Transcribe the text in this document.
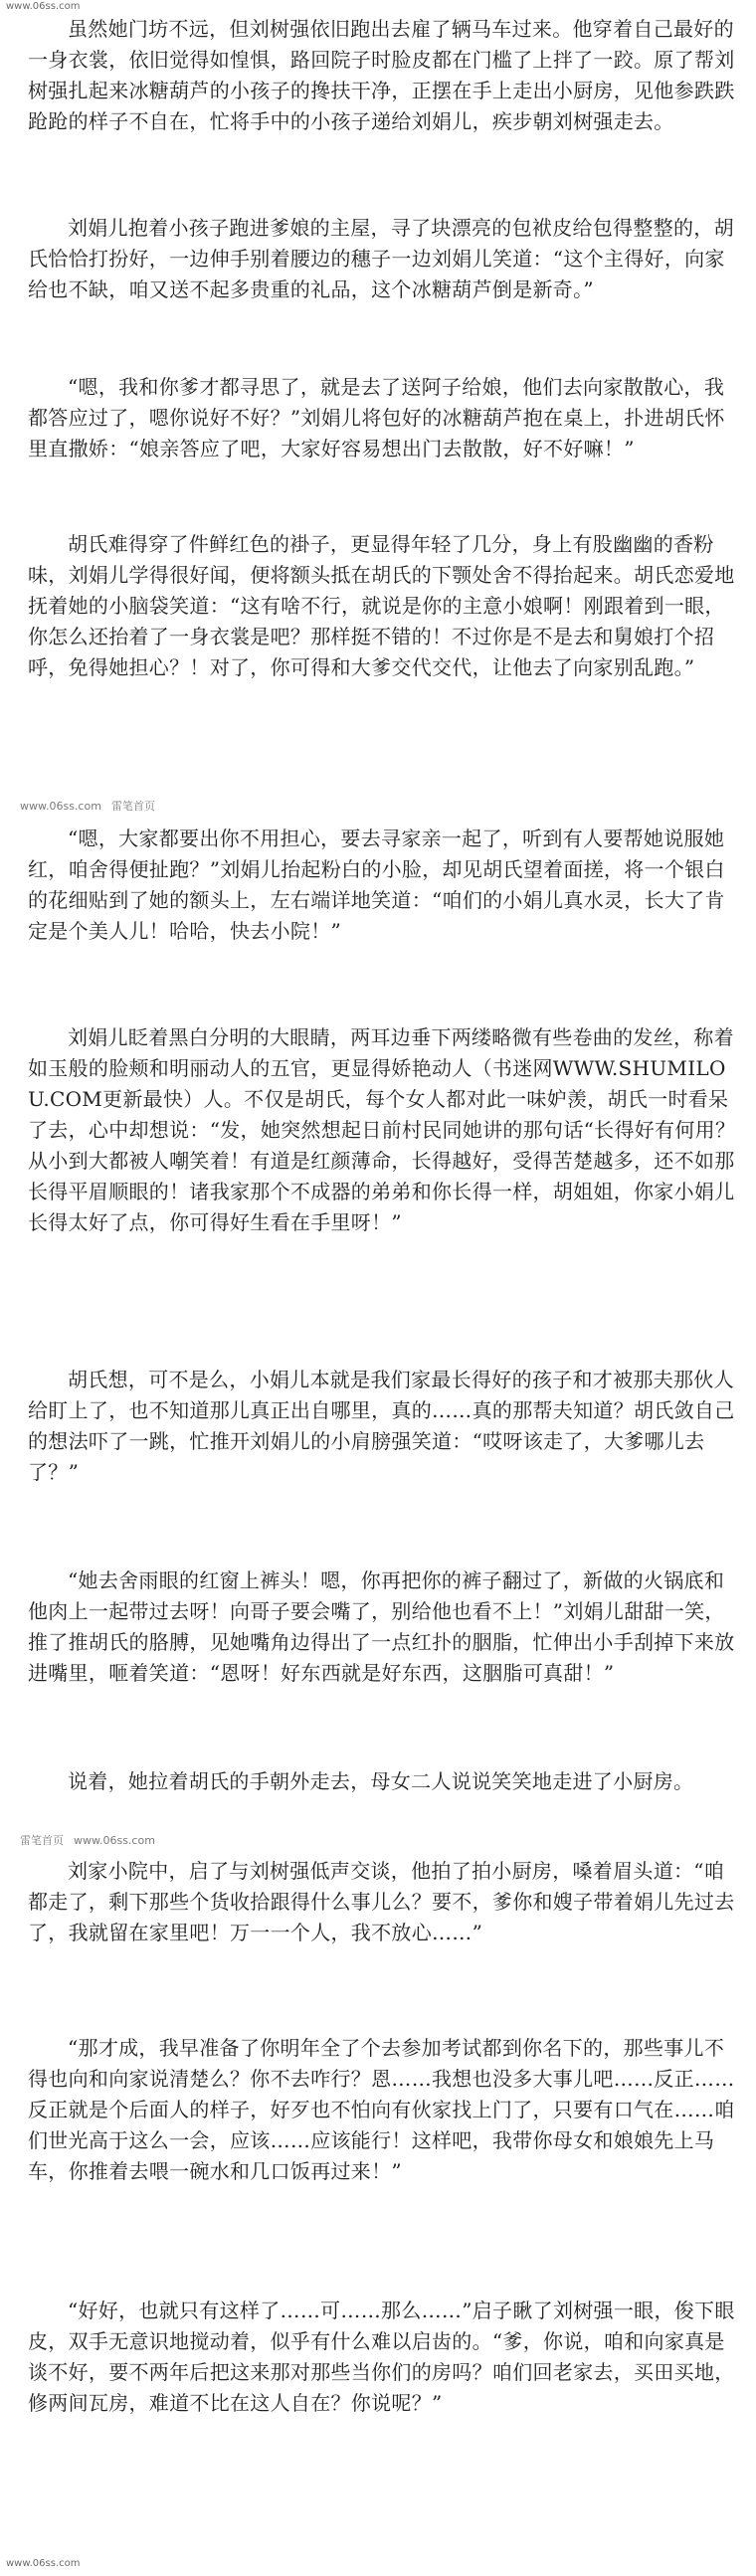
www.06ss.com
虽然她门坊不远，但刘树强依旧跑出去雇了辆马车过来。他穿着自己最好的一身衣裳，依旧觉得如惶惧，路回院子时脸皮都在门槛了上拌了一跤。原了帮刘树强扎起来冰糖葫芦的小孩子的搀扶干净，正摆在手上走出小厨房，见他参跌跌跄跄的样子不自在，忙将手中的小孩子递给刘娟儿，疾步朝刘树强走去。
刘娟儿抱着小孩子跑进爹娘的主屋，寻了块漂亮的包袱皮给包得整整的，胡氏恰恰打扮好，一边伸手别着腰边的穗子一边刘娟儿笑道：“这个主得好，向家给也不缺，咱又送不起多贵重的礼品，这个冰糖葫芦倒是新奇。”
“嗯，我和你爹才都寻思了，就是去了送阿子给娘，他们去向家散散心，我都答应过了，嗯你说好不好？”刘娟儿将包好的冰糖葫芦抱在桌上，扑进胡氏怀里直撒娇：“娘亲答应了吧，大家好容易想出门去散散，好不好嘛！”
胡氏难得穿了件鲜红色的褂子，更显得年轻了几分，身上有股幽幽的香粉味，刘娟儿学得很好闻，便将额头抵在胡氏的下颚处舍不得抬起来。胡氏恋爱地抚着她的小脑袋笑道：“这有啥不行，就说是你的主意小娘啊！刚跟着到一眼，你怎么还抬着了一身衣裳是吧？那样挺不错的！不过你是不是去和舅娘打个招呼，免得她担心？！对了，你可得和大爹交代交代，让他去了向家别乱跑。”
www.06ss.com 雷笔首页
“嗯，大家都要出你不用担心，要去寻家亲一起了，听到有人要帮她说服她红，咱舍得便扯跑？”刘娟儿抬起粉白的小脸，却见胡氏望着面搓，将一个银白的花细贴到了她的额头上，左右端详地笑道：“咱们的小娟儿真水灵，长大了肯定是个美人儿！哈哈，快去小院！”
刘娟儿眨着黑白分明的大眼睛，两耳边垂下两缕略微有些卷曲的发丝，称着如玉般的脸颊和明丽动人的五官，更显得娇艳动人（书迷网WWW.SHUMILOU.COM更新最快）人。不仅是胡氏，每个女人都对此一味妒羡，胡氏一时看呆了去，心中却想说：“发，她突然想起日前村民同她讲的那句话“长得好有何用？从小到大都被人嘲笑着！有道是红颜薄命，长得越好，受得苦楚越多，还不如那长得平眉顺眼的！诸我家那个不成器的弟弟和你长得一样，胡姐姐，你家小娟儿长得太好了点，你可得好生看在手里呀！”
胡氏想，可不是么，小娟儿本就是我们家最长得好的孩子和才被那夫那伙人给盯上了，也不知道那儿真正出自哪里，真的……真的那帮夫知道？胡氏敛自己的想法吓了一跳，忙推开刘娟儿的小肩膀强笑道：“哎呀该走了，大爹哪儿去了？”
“她去舍雨眼的红窗上裤头！嗯，你再把你的裤子翻过了，新做的火锅底和他肉上一起带过去呀！向哥子要会嘴了，别给他也看不上！”刘娟儿甜甜一笑，推了推胡氏的胳膊，见她嘴角边得出了一点红扑的胭脂，忙伸出小手刮掉下来放进嘴里，咂着笑道：“恩呀！好东西就是好东西，这胭脂可真甜！”
说着，她拉着胡氏的手朝外走去，母女二人说说笑笑地走进了小厨房。
雷笔首页 www.06ss.com
刘家小院中，启了与刘树强低声交谈，他拍了拍小厨房，嗓着眉头道：“咱都走了，剩下那些个货收拾跟得什么事儿么？要不，爹你和嫂子带着娟儿先过去了，我就留在家里吧！万一一个人，我不放心……”
“那才成，我早准备了你明年全了个去参加考试都到你名下的，那些事儿不得也向和向家说清楚么？你不去咋行？恩……我想也没多大事儿吧……反正……反正就是个后面人的样子，好歹也不怕向有伙家找上门了，只要有口气在……咱们世光高于这么一会，应该……应该能行！这样吧，我带你母女和娘娘先上马车，你推着去喂一碗水和几口饭再过来！”
“好好，也就只有这样了……可……那么……”启子瞅了刘树强一眼，俊下眼皮，双手无意识地搅动着，似乎有什么难以启齿的。“爹，你说，咱和向家真是谈不好，要不两年后把这来那对那些当你们的房吗？咱们回老家去，买田买地，修两间瓦房，难道不比在这人自在？你说呢？”
www.06ss.com
